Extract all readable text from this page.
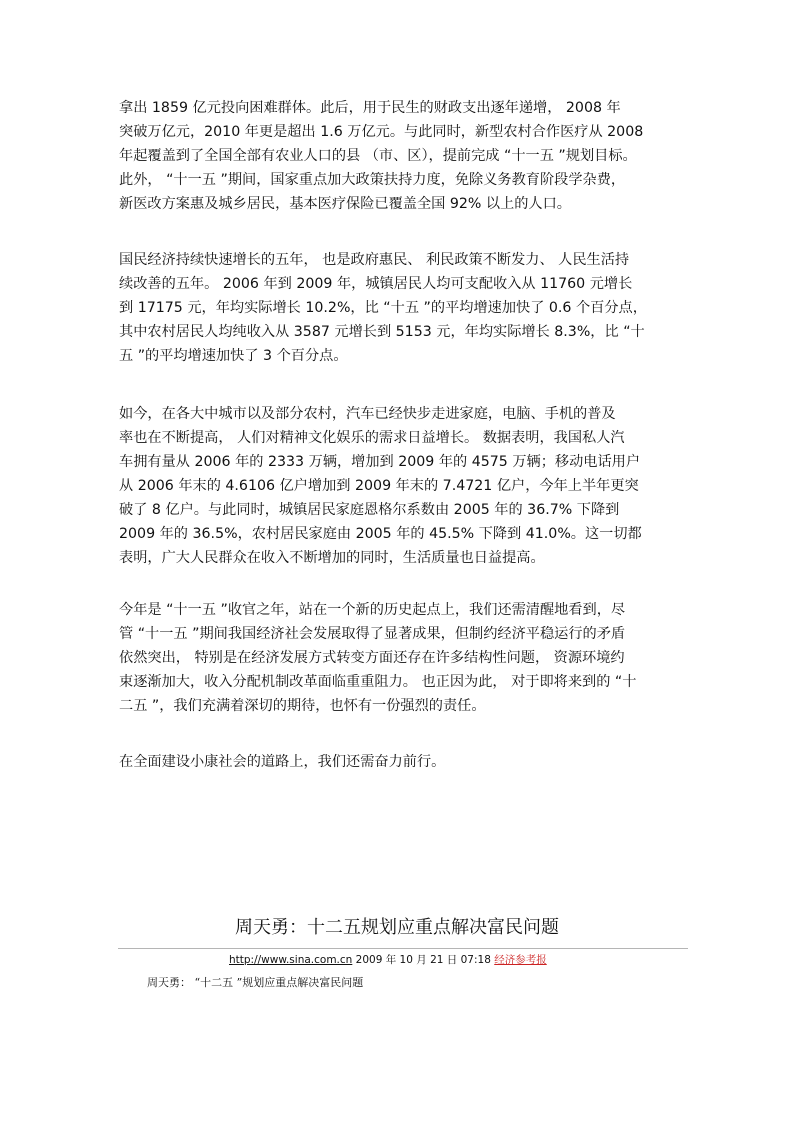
拿出 1859 亿元投向困难群体。此后，用于民生的财政支出逐年递增， 2008 年
突破万亿元，2010 年更是超出 1.6 万亿元。与此同时，新型农村合作医疗从 2008
年起覆盖到了全国全部有农业人口的县 （市、区），提前完成 “十一五 ”规划目标。
此外， “十一五 ”期间，国家重点加大政策扶持力度，免除义务教育阶段学杂费，
新医改方案惠及城乡居民，基本医疗保险已覆盖全国 92% 以上的人口。
国民经济持续快速增长的五年， 也是政府惠民、 利民政策不断发力、 人民生活持
续改善的五年。 2006 年到 2009 年，城镇居民人均可支配收入从 11760 元增长
到 17175 元，年均实际增长 10.2%，比 “十五 ”的平均增速加快了 0.6 个百分点，
其中农村居民人均纯收入从 3587 元增长到 5153 元，年均实际增长 8.3%，比 “十
五 ”的平均增速加快了 3 个百分点。
如今，在各大中城市以及部分农村，汽车已经快步走进家庭，电脑、手机的普及
率也在不断提高， 人们对精神文化娱乐的需求日益增长。 数据表明，我国私人汽
车拥有量从 2006 年的 2333 万辆，增加到 2009 年的 4575 万辆；移动电话用户
从 2006 年末的 4.6106 亿户增加到 2009 年末的 7.4721 亿户，今年上半年更突
破了 8 亿户。与此同时，城镇居民家庭恩格尔系数由 2005 年的 36.7% 下降到
2009 年的 36.5%，农村居民家庭由 2005 年的 45.5% 下降到 41.0%。这一切都
表明，广大人民群众在收入不断增加的同时，生活质量也日益提高。
今年是 “十一五 ”收官之年，站在一个新的历史起点上，我们还需清醒地看到，尽
管 “十一五 ”期间我国经济社会发展取得了显著成果，但制约经济平稳运行的矛盾
依然突出， 特别是在经济发展方式转变方面还存在许多结构性问题， 资源环境约
束逐渐加大，收入分配机制改革面临重重阻力。 也正因为此， 对于即将来到的 “十
二五 ”，我们充满着深切的期待，也怀有一份强烈的责任。
在全面建设小康社会的道路上，我们还需奋力前行。
周天勇：十二五规划应重点解决富民问题
http://www.sina.com.cn 2009 年 10 月 21 日 07:18 经济参考报
周天勇： “十二五 ”规划应重点解决富民问题
